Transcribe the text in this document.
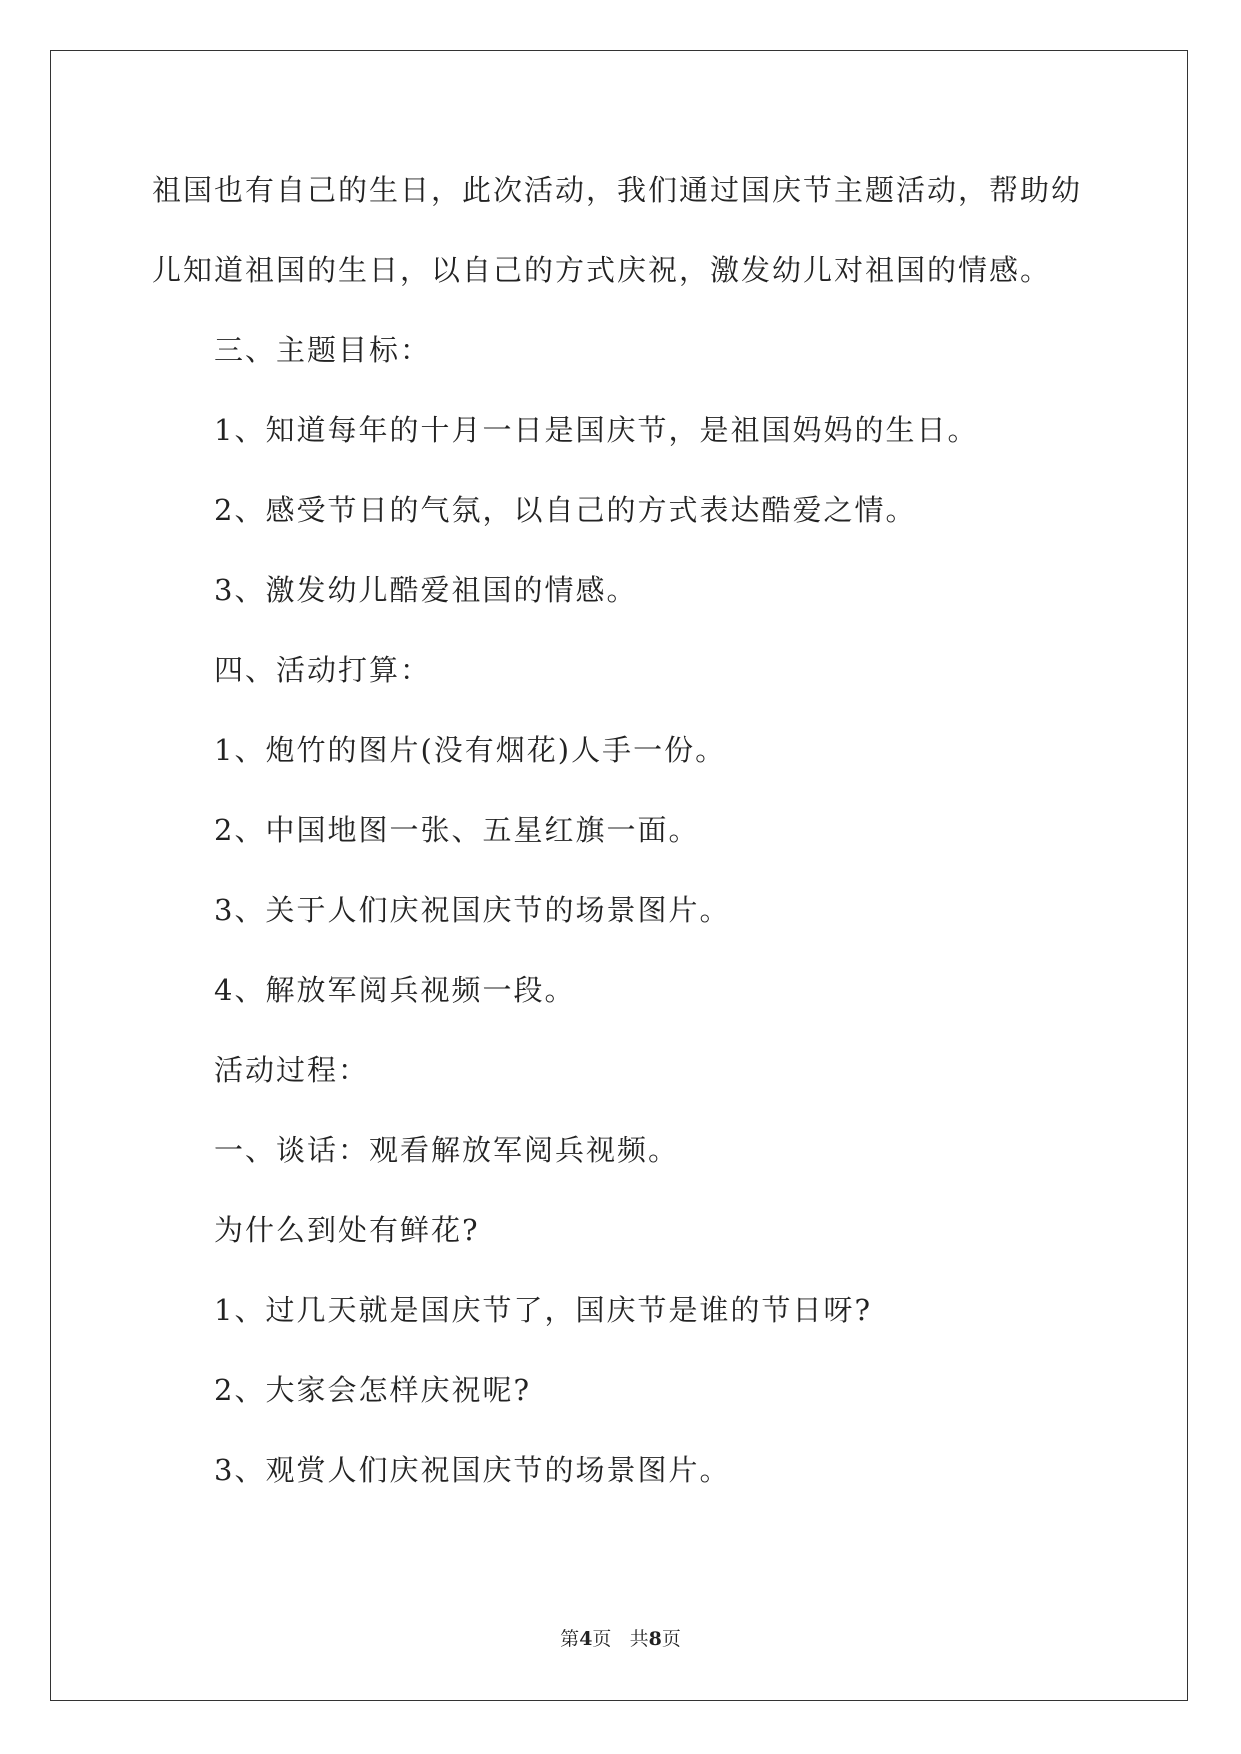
祖国也有自己的生日，此次活动，我们通过国庆节主题活动，帮助幼
儿知道祖国的生日，以自己的方式庆祝，激发幼儿对祖国的情感。
三、主题目标：
1、知道每年的十月一日是国庆节，是祖国妈妈的生日。
2、感受节日的气氛，以自己的方式表达酷爱之情。
3、激发幼儿酷爱祖国的情感。
四、活动打算：
1、炮竹的图片(没有烟花)人手一份。
2、中国地图一张、五星红旗一面。
3、关于人们庆祝国庆节的场景图片。
4、解放军阅兵视频一段。
活动过程：
一、谈话：观看解放军阅兵视频。
为什么到处有鲜花?
1、过几天就是国庆节了，国庆节是谁的节日呀?
2、大家会怎样庆祝呢?
3、观赏人们庆祝国庆节的场景图片。
第4页 共8页
